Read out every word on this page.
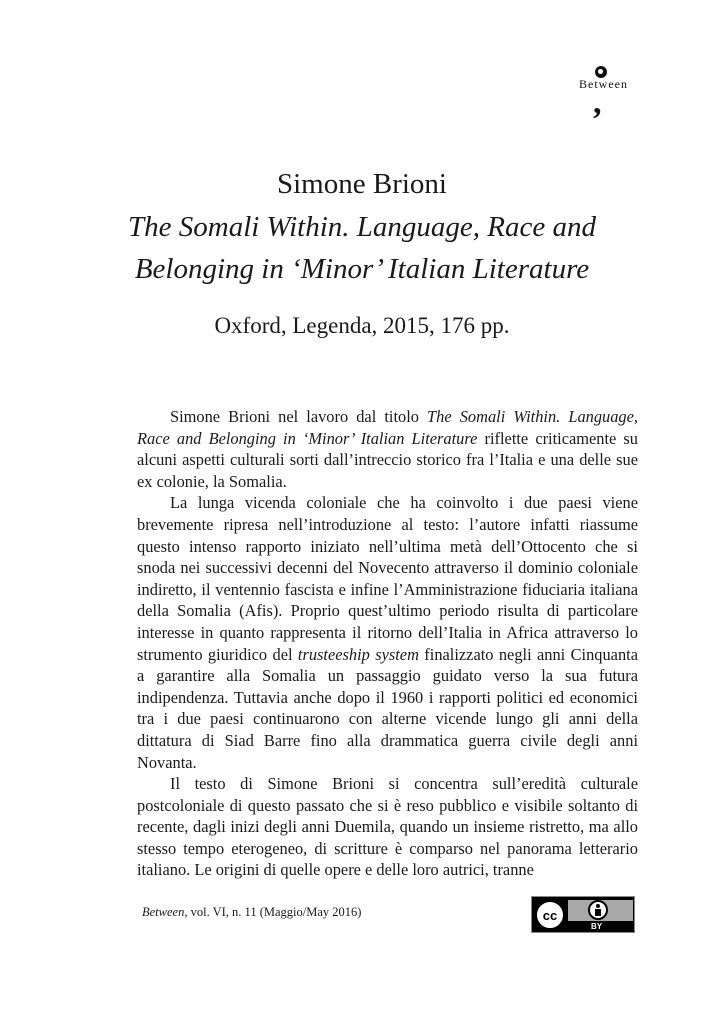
Between
,
Simone Brioni
The Somali Within. Language, Race and
Belonging in ‘Minor’ Italian Literature
Oxford, Legenda, 2015, 176 pp.

Simone Brioni nel lavoro dal titolo The Somali Within. Language, Race and Belonging in ‘Minor’ Italian Literature riflette criticamente su alcuni aspetti culturali sorti dall’intreccio storico fra l’Italia e una delle sue ex colonie, la Somalia.

La lunga vicenda coloniale che ha coinvolto i due paesi viene brevemente ripresa nell’introduzione al testo: l’autore infatti riassume questo intenso rapporto iniziato nell’ultima metà dell’Ottocento che si snoda nei successivi decenni del Novecento attraverso il dominio coloniale indiretto, il ventennio fascista e infine l’Amministrazione fiduciaria italiana della Somalia (Afis). Proprio quest’ultimo periodo risulta di particolare interesse in quanto rappresenta il ritorno dell’Italia in Africa attraverso lo strumento giuridico del trusteeship system finalizzato negli anni Cinquanta a garantire alla Somalia un passaggio guidato verso la sua futura indipendenza. Tuttavia anche dopo il 1960 i rapporti politici ed economici tra i due paesi continuarono con alterne vicende lungo gli anni della dittatura di Siad Barre fino alla drammatica guerra civile degli anni Novanta.

Il testo di Simone Brioni si concentra sull’eredità culturale postcoloniale di questo passato che si è reso pubblico e visibile soltanto di recente, dagli inizi degli anni Duemila, quando un insieme ristretto, ma allo stesso tempo eterogeneo, di scritture è comparso nel panorama letterario italiano. Le origini di quelle opere e delle loro autrici, tranne

Between, vol. VI, n. 11 (Maggio/May 2016)	cc
BY
